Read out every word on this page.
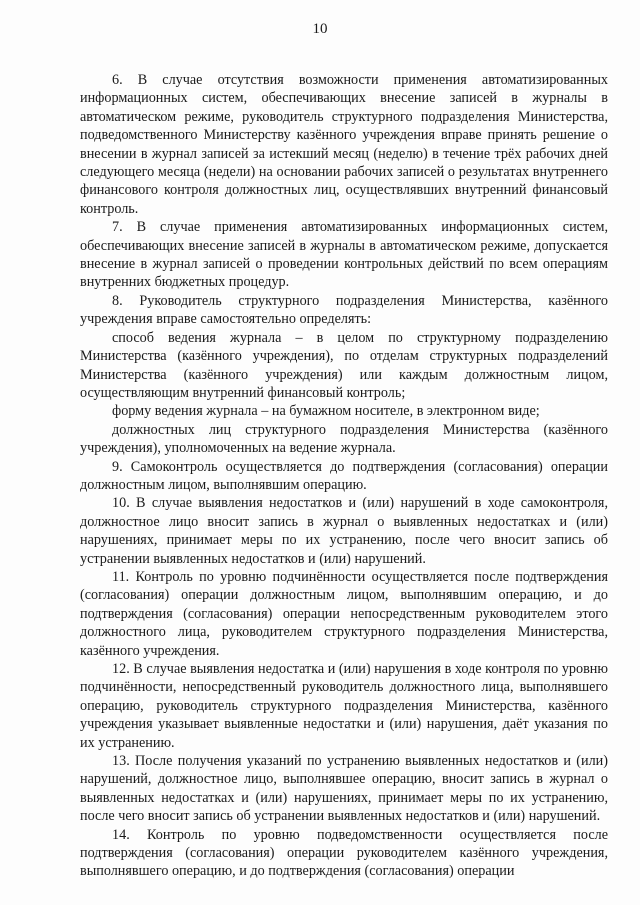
10

6. В случае отсутствия возможности применения автоматизированных информационных систем, обеспечивающих внесение записей в журналы в автоматическом режиме, руководитель структурного подразделения Министерства, подведомственного Министерству казённого учреждения вправе принять решение о внесении в журнал записей за истекший месяц (неделю) в течение трёх рабочих дней следующего месяца (недели) на основании рабочих записей о результатах внутреннего финансового контроля должностных лиц, осуществлявших внутренний финансовый контроль.

7. В случае применения автоматизированных информационных систем, обеспечивающих внесение записей в журналы в автоматическом режиме, допускается внесение в журнал записей о проведении контрольных действий по всем операциям внутренних бюджетных процедур.

8. Руководитель структурного подразделения Министерства, казённого учреждения вправе самостоятельно определять:

способ ведения журнала – в целом по структурному подразделению Министерства (казённого учреждения), по отделам структурных подразделений Министерства (казённого учреждения) или каждым должностным лицом, осуществляющим внутренний финансовый контроль;

форму ведения журнала – на бумажном носителе, в электронном виде;

должностных лиц структурного подразделения Министерства (казённого учреждения), уполномоченных на ведение журнала.

9. Самоконтроль осуществляется до подтверждения (согласования) операции должностным лицом, выполнявшим операцию.

10. В случае выявления недостатков и (или) нарушений в ходе самоконтроля, должностное лицо вносит запись в журнал о выявленных недостатках и (или) нарушениях, принимает меры по их устранению, после чего вносит запись об устранении выявленных недостатков и (или) нарушений.

11. Контроль по уровню подчинённости осуществляется после подтверждения (согласования) операции должностным лицом, выполнявшим операцию, и до подтверждения (согласования) операции непосредственным руководителем этого должностного лица, руководителем структурного подразделения Министерства, казённого учреждения.

12. В случае выявления недостатка и (или) нарушения в ходе контроля по уровню подчинённости, непосредственный руководитель должностного лица, выполнявшего операцию, руководитель структурного подразделения Министерства, казённого учреждения указывает выявленные недостатки и (или) нарушения, даёт указания по их устранению.

13. После получения указаний по устранению выявленных недостатков и (или) нарушений, должностное лицо, выполнявшее операцию, вносит запись в журнал о выявленных недостатках и (или) нарушениях, принимает меры по их устранению, после чего вносит запись об устранении выявленных недостатков и (или) нарушений.

14. Контроль по уровню подведомственности осуществляется после подтверждения (согласования) операции руководителем казённого учреждения, выполнявшего операцию, и до подтверждения (согласования) операции
